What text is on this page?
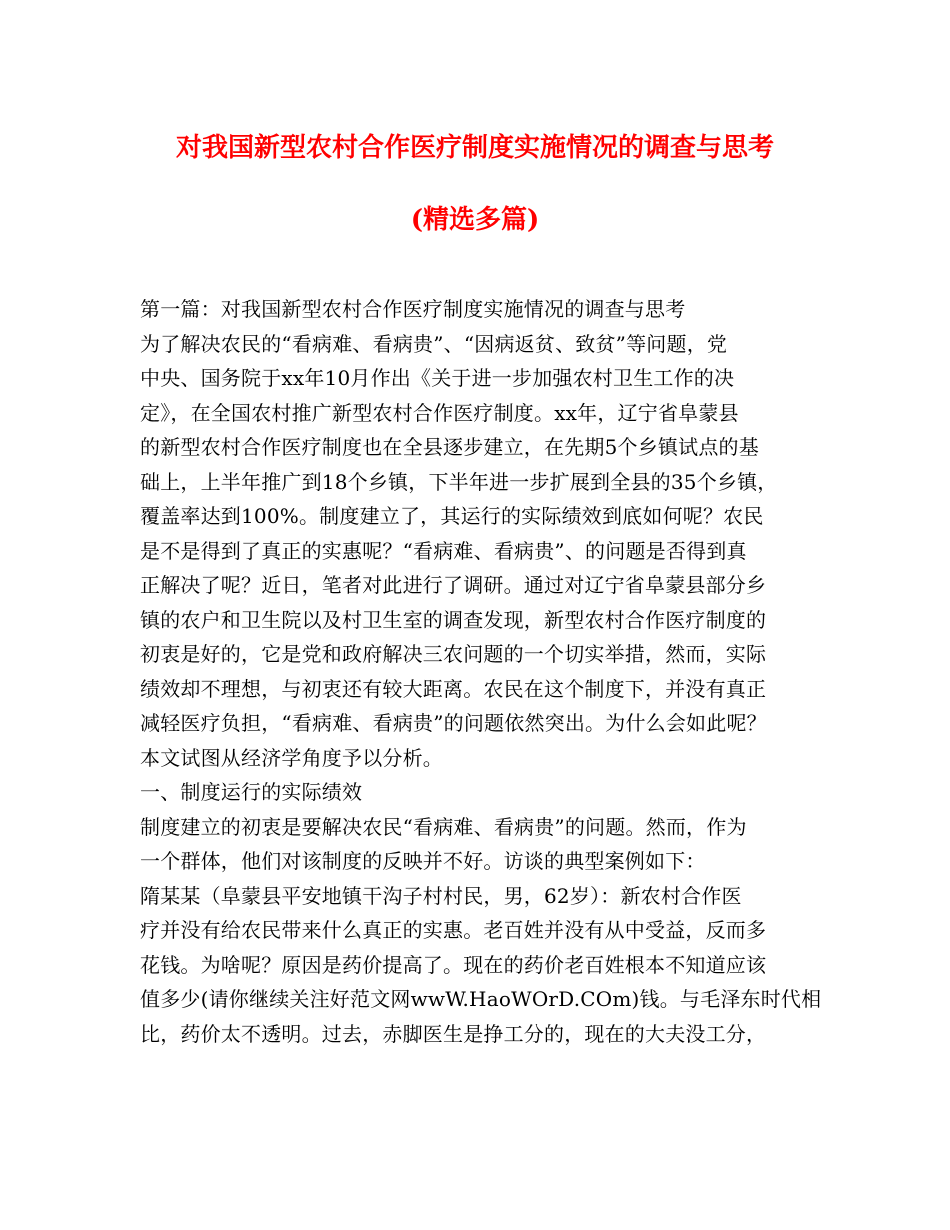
对我国新型农村合作医疗制度实施情况的调查与思考
(精选多篇)
第一篇：对我国新型农村合作医疗制度实施情况的调查与思考
为了解决农民的“看病难、看病贵”、“因病返贫、致贫”等问题，党
中央、国务院于xx年10月作出《关于进一步加强农村卫生工作的决
定》，在全国农村推广新型农村合作医疗制度。xx年，辽宁省阜蒙县
的新型农村合作医疗制度也在全县逐步建立，在先期5个乡镇试点的基
础上，上半年推广到18个乡镇，下半年进一步扩展到全县的35个乡镇，
覆盖率达到100%。制度建立了，其运行的实际绩效到底如何呢？农民
是不是得到了真正的实惠呢？“看病难、看病贵”、的问题是否得到真
正解决了呢？近日，笔者对此进行了调研。通过对辽宁省阜蒙县部分乡
镇的农户和卫生院以及村卫生室的调查发现，新型农村合作医疗制度的
初衷是好的，它是党和政府解决三农问题的一个切实举措，然而，实际
绩效却不理想，与初衷还有较大距离。农民在这个制度下，并没有真正
减轻医疗负担，“看病难、看病贵”的问题依然突出。为什么会如此呢？
本文试图从经济学角度予以分析。
一、制度运行的实际绩效
制度建立的初衷是要解决农民“看病难、看病贵”的问题。然而，作为
一个群体，他们对该制度的反映并不好。访谈的典型案例如下：
隋某某（阜蒙县平安地镇干沟子村村民，男，62岁）：新农村合作医
疗并没有给农民带来什么真正的实惠。老百姓并没有从中受益，反而多
花钱。为啥呢？原因是药价提高了。现在的药价老百姓根本不知道应该
值多少(请你继续关注好范文网wwW.HaoWOrD.COm)钱。与毛泽东时代相
比，药价太不透明。过去，赤脚医生是挣工分的，现在的大夫没工分，
